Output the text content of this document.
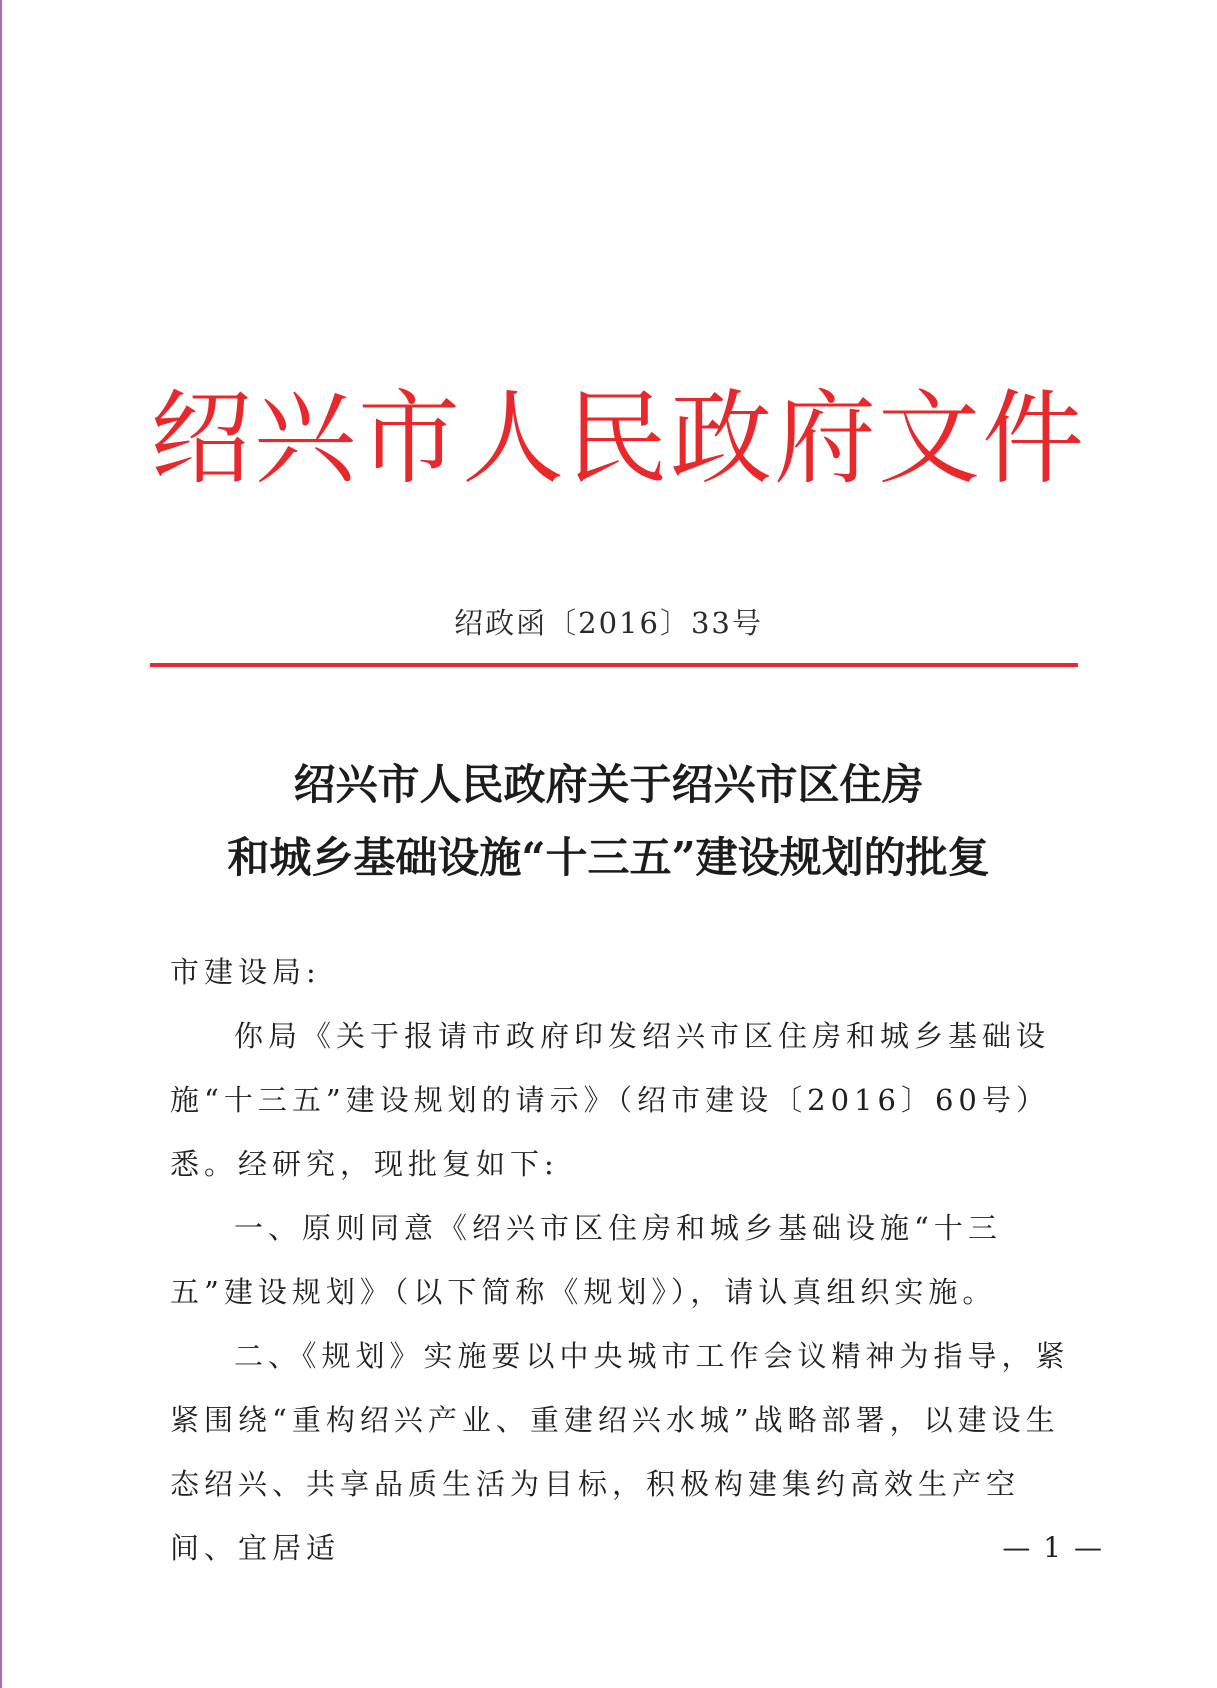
绍兴市人民政府文件
绍政函〔2016〕33号
绍兴市人民政府关于绍兴市区住房
和城乡基础设施“十三五”建设规划的批复

市建设局:

你局《关于报请市政府印发绍兴市区住房和城乡基础设施“十三五”建设规划的请示》（绍市建设〔2016〕60号）悉。经研究，现批复如下:

一、原则同意《绍兴市区住房和城乡基础设施“十三五”建设规划》（以下简称《规划》），请认真组织实施。

二、《规划》实施要以中央城市工作会议精神为指导，紧紧围绕“重构绍兴产业、重建绍兴水城”战略部署，以建设生态绍兴、共享品质生活为目标，积极构建集约高效生产空间、宜居适	— 1 —
